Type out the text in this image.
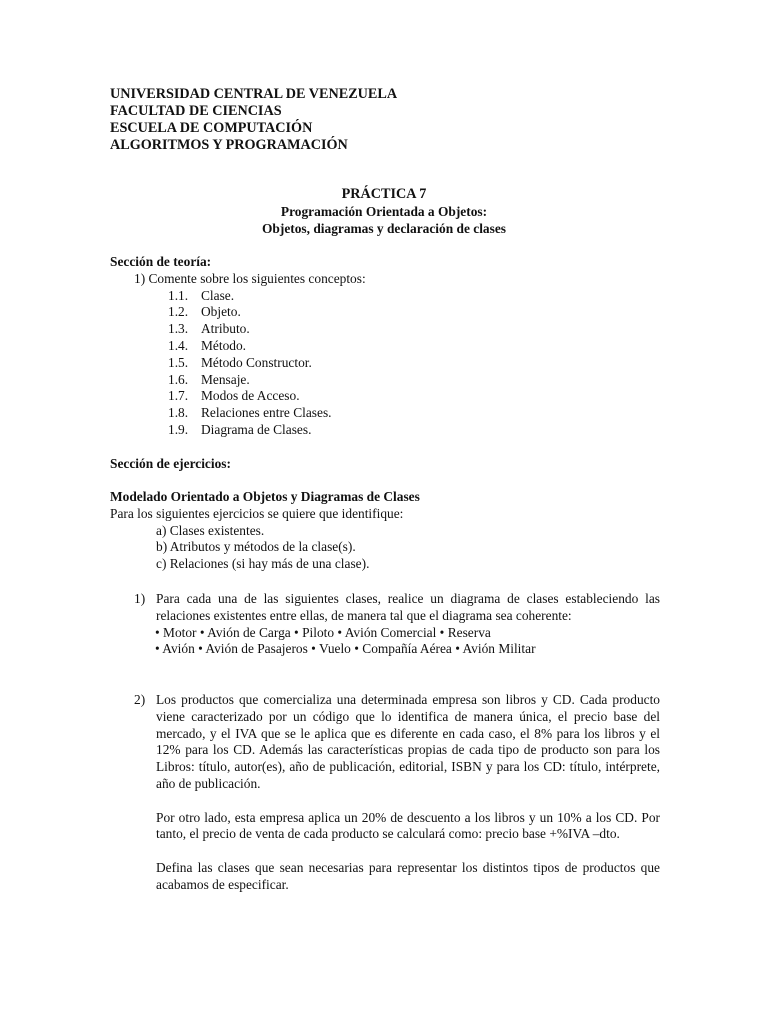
UNIVERSIDAD CENTRAL DE VENEZUELA
FACULTAD DE CIENCIAS
ESCUELA DE COMPUTACIÓN
ALGORITMOS Y PROGRAMACIÓN
PRÁCTICA 7
Programación Orientada a Objetos:
Objetos, diagramas y declaración de clases
Sección de teoría:
1) Comente sobre los siguientes conceptos:
1.1. Clase.
1.2. Objeto.
1.3. Atributo.
1.4. Método.
1.5. Método Constructor.
1.6. Mensaje.
1.7. Modos de Acceso.
1.8. Relaciones entre Clases.
1.9. Diagrama de Clases.
Sección de ejercicios:
Modelado Orientado a Objetos y Diagramas de Clases
Para los siguientes ejercicios se quiere que identifique:
a) Clases existentes.
b) Atributos y métodos de la clase(s).
c) Relaciones (si hay más de una clase).
1) Para cada una de las siguientes clases, realice un diagrama de clases estableciendo las relaciones existentes entre ellas, de manera tal que el diagrama sea coherente:

• Motor • Avión de Carga • Piloto • Avión Comercial • Reserva
• Avión • Avión de Pasajeros • Vuelo • Compañía Aérea • Avión Militar
2) Los productos que comercializa una determinada empresa son libros y CD. Cada producto viene caracterizado por un código que lo identifica de manera única, el precio base del mercado, y el IVA que se le aplica que es diferente en cada caso, el 8% para los libros y el 12% para los CD. Además las características propias de cada tipo de producto son para los Libros: título, autor(es), año de publicación, editorial, ISBN y para los CD: título, intérprete, año de publicación.

Por otro lado, esta empresa aplica un 20% de descuento a los libros y un 10% a los CD. Por tanto, el precio de venta de cada producto se calculará como: precio base +%IVA –dto.

Defina las clases que sean necesarias para representar los distintos tipos de productos que acabamos de especificar.
